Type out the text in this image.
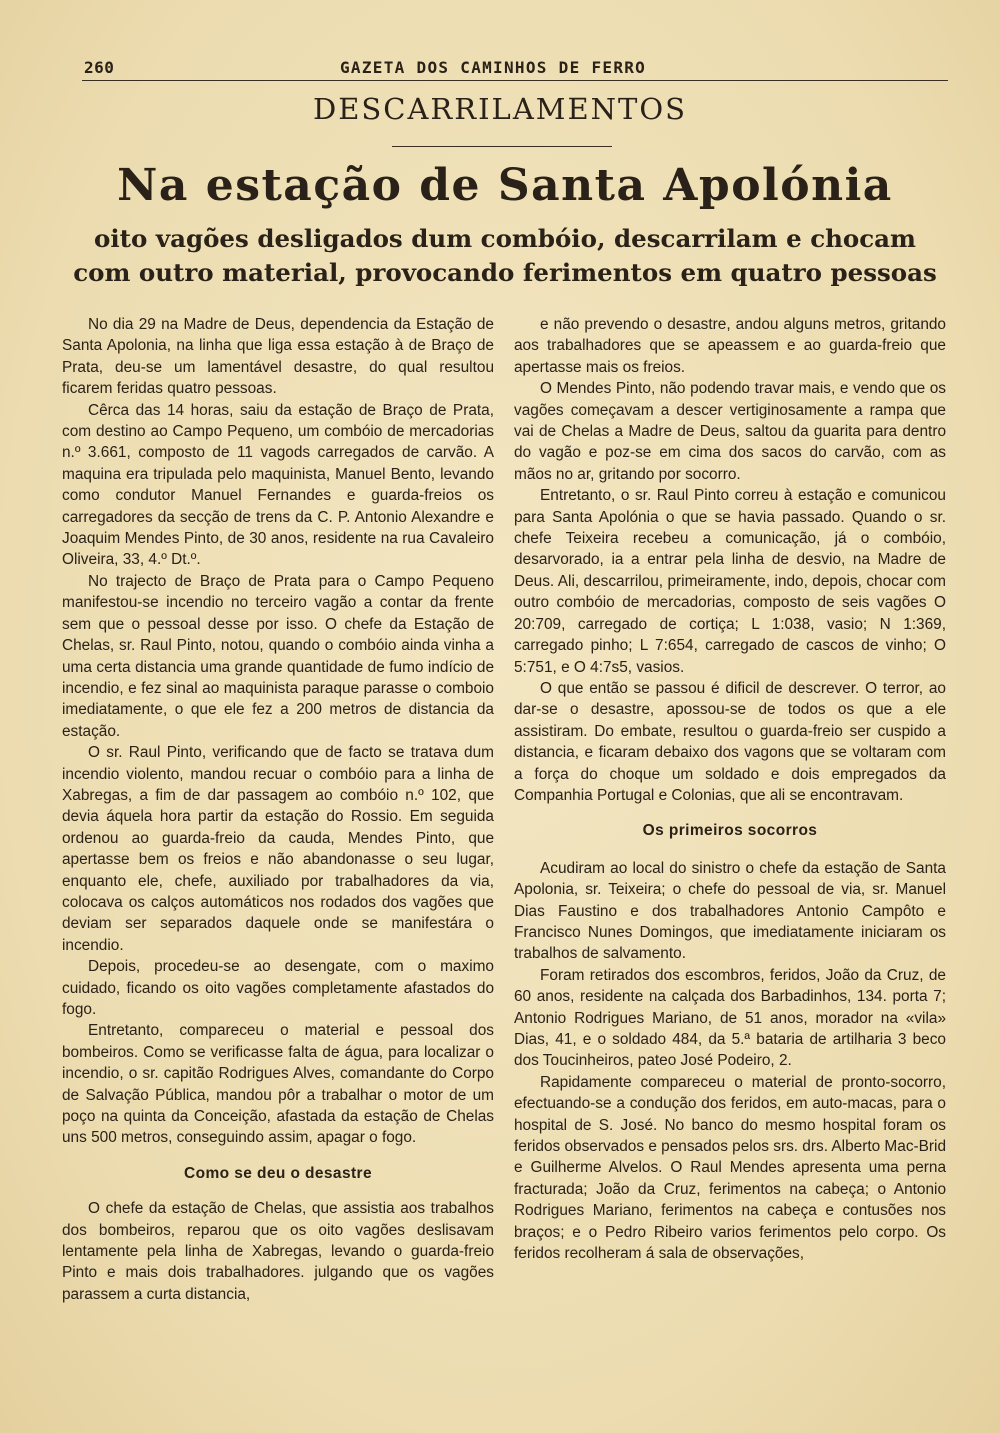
260	GAZETA DOS CAMINHOS DE FERRO
DESCARRILAMENTOS
Na estação de Santa Apolónia
oito vagões desligados dum combóio, descarrilam e chocam
com outro material, provocando ferimentos em quatro pessoas

No dia 29 na Madre de Deus, dependencia da Estação de Santa Apolonia, na linha que liga essa estação à de Braço de Prata, deu-se um lamentável desastre, do qual resultou ficarem feridas quatro pessoas.

Cêrca das 14 horas, saiu da estação de Braço de Prata, com destino ao Campo Pequeno, um combóio de mercadorias n.º 3.661, composto de 11 vagods carregados de carvão. A maquina era tripulada pelo maquinista, Manuel Bento, levando como condutor Manuel Fernandes e guarda-freios os carregadores da secção de trens da C. P. Antonio Alexandre e Joaquim Mendes Pinto, de 30 anos, residente na rua Cavaleiro Oliveira, 33, 4.º Dt.º.

No trajecto de Braço de Prata para o Campo Pequeno manifestou-se incendio no terceiro vagão a contar da frente sem que o pessoal desse por isso. O chefe da Estação de Chelas, sr. Raul Pinto, notou, quando o combóio ainda vinha a uma certa distancia uma grande quantidade de fumo indício de incendio, e fez sinal ao maquinista paraque parasse o comboio imediatamente, o que ele fez a 200 metros de distancia da estação.

O sr. Raul Pinto, verificando que de facto se tratava dum incendio violento, mandou recuar o combóio para a linha de Xabregas, a fim de dar passagem ao combóio n.º 102, que devia áquela hora partir da estação do Rossio. Em seguida ordenou ao guarda-freio da cauda, Mendes Pinto, que apertasse bem os freios e não abandonasse o seu lugar, enquanto ele, chefe, auxiliado por trabalhadores da via, colocava os calços automáticos nos rodados dos vagões que deviam ser separados daquele onde se manifestára o incendio.

Depois, procedeu-se ao desengate, com o maximo cuidado, ficando os oito vagões completamente afastados do fogo.

Entretanto, compareceu o material e pessoal dos bombeiros. Como se verificasse falta de água, para localizar o incendio, o sr. capitão Rodrigues Alves, comandante do Corpo de Salvação Pública, mandou pôr a trabalhar o motor de um poço na quinta da Conceição, afastada da estação de Chelas uns 500 metros, conseguindo assim, apagar o fogo.

Como se deu o desastre

O chefe da estação de Chelas, que assistia aos trabalhos dos bombeiros, reparou que os oito vagões deslisavam lentamente pela linha de Xabregas, levando o guarda-freio Pinto e mais dois trabalhadores. julgando que os vagões parassem a curta distancia,

e não prevendo o desastre, andou alguns metros, gritando aos trabalhadores que se apeassem e ao guarda-freio que apertasse mais os freios.

O Mendes Pinto, não podendo travar mais, e vendo que os vagões começavam a descer vertiginosamente a rampa que vai de Chelas a Madre de Deus, saltou da guarita para dentro do vagão e poz-se em cima dos sacos do carvão, com as mãos no ar, gritando por socorro.

Entretanto, o sr. Raul Pinto correu à estação e comunicou para Santa Apolónia o que se havia passado. Quando o sr. chefe Teixeira recebeu a comunicação, já o combóio, desarvorado, ia a entrar pela linha de desvio, na Madre de Deus. Ali, descarrilou, primeiramente, indo, depois, chocar com outro combóio de mercadorias, composto de seis vagões O 20:709, carregado de cortiça; L 1:038, vasio; N 1:369, carregado pinho; L 7:654, carregado de cascos de vinho; O 5:751, e O 4:7s5, vasios.

O que então se passou é dificil de descrever. O terror, ao dar-se o desastre, apossou-se de todos os que a ele assistiram. Do embate, resultou o guarda-freio ser cuspido a distancia, e ficaram debaixo dos vagons que se voltaram com a força do choque um soldado e dois empregados da Companhia Portugal e Colonias, que ali se encontravam.

Os primeiros socorros

Acudiram ao local do sinistro o chefe da estação de Santa Apolonia, sr. Teixeira; o chefe do pessoal de via, sr. Manuel Dias Faustino e dos trabalhadores Antonio Campôto e Francisco Nunes Domingos, que imediatamente iniciaram os trabalhos de salvamento.

Foram retirados dos escombros, feridos, João da Cruz, de 60 anos, residente na calçada dos Barbadinhos, 134. porta 7; Antonio Rodrigues Mariano, de 51 anos, morador na «vila» Dias, 41, e o soldado 484, da 5.ª bataria de artilharia 3 beco dos Toucinheiros, pateo José Podeiro, 2.

Rapidamente compareceu o material de pronto-socorro, efectuando-se a condução dos feridos, em auto-macas, para o hospital de S. José. No banco do mesmo hospital foram os feridos observados e pensados pelos srs. drs. Alberto Mac-Brid e Guilherme Alvelos. O Raul Mendes apresenta uma perna fracturada; João da Cruz, ferimentos na cabeça; o Antonio Rodrigues Mariano, ferimentos na cabeça e contusões nos braços; e o Pedro Ribeiro varios ferimentos pelo corpo. Os feridos recolheram á sala de observações,
